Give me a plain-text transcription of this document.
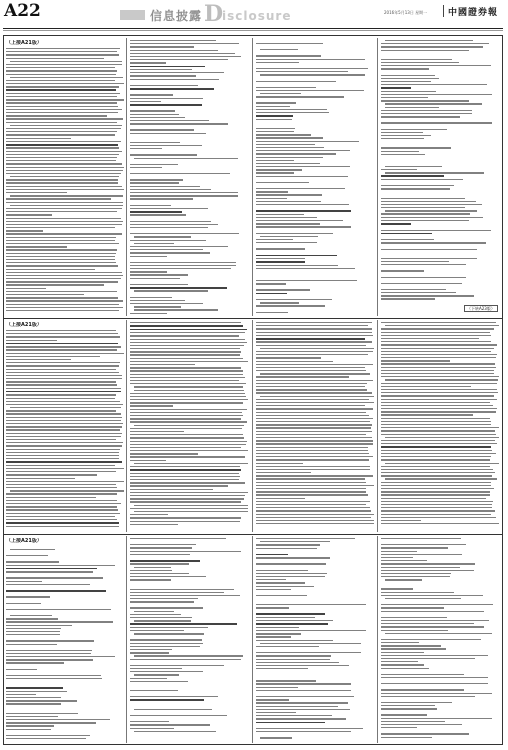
A22	信息披露 D
isclosure	2016年5月13日 星期一 中國證券報
（上接A21版）
（下转A23版）
（上接A21版）
（上接A21版）
